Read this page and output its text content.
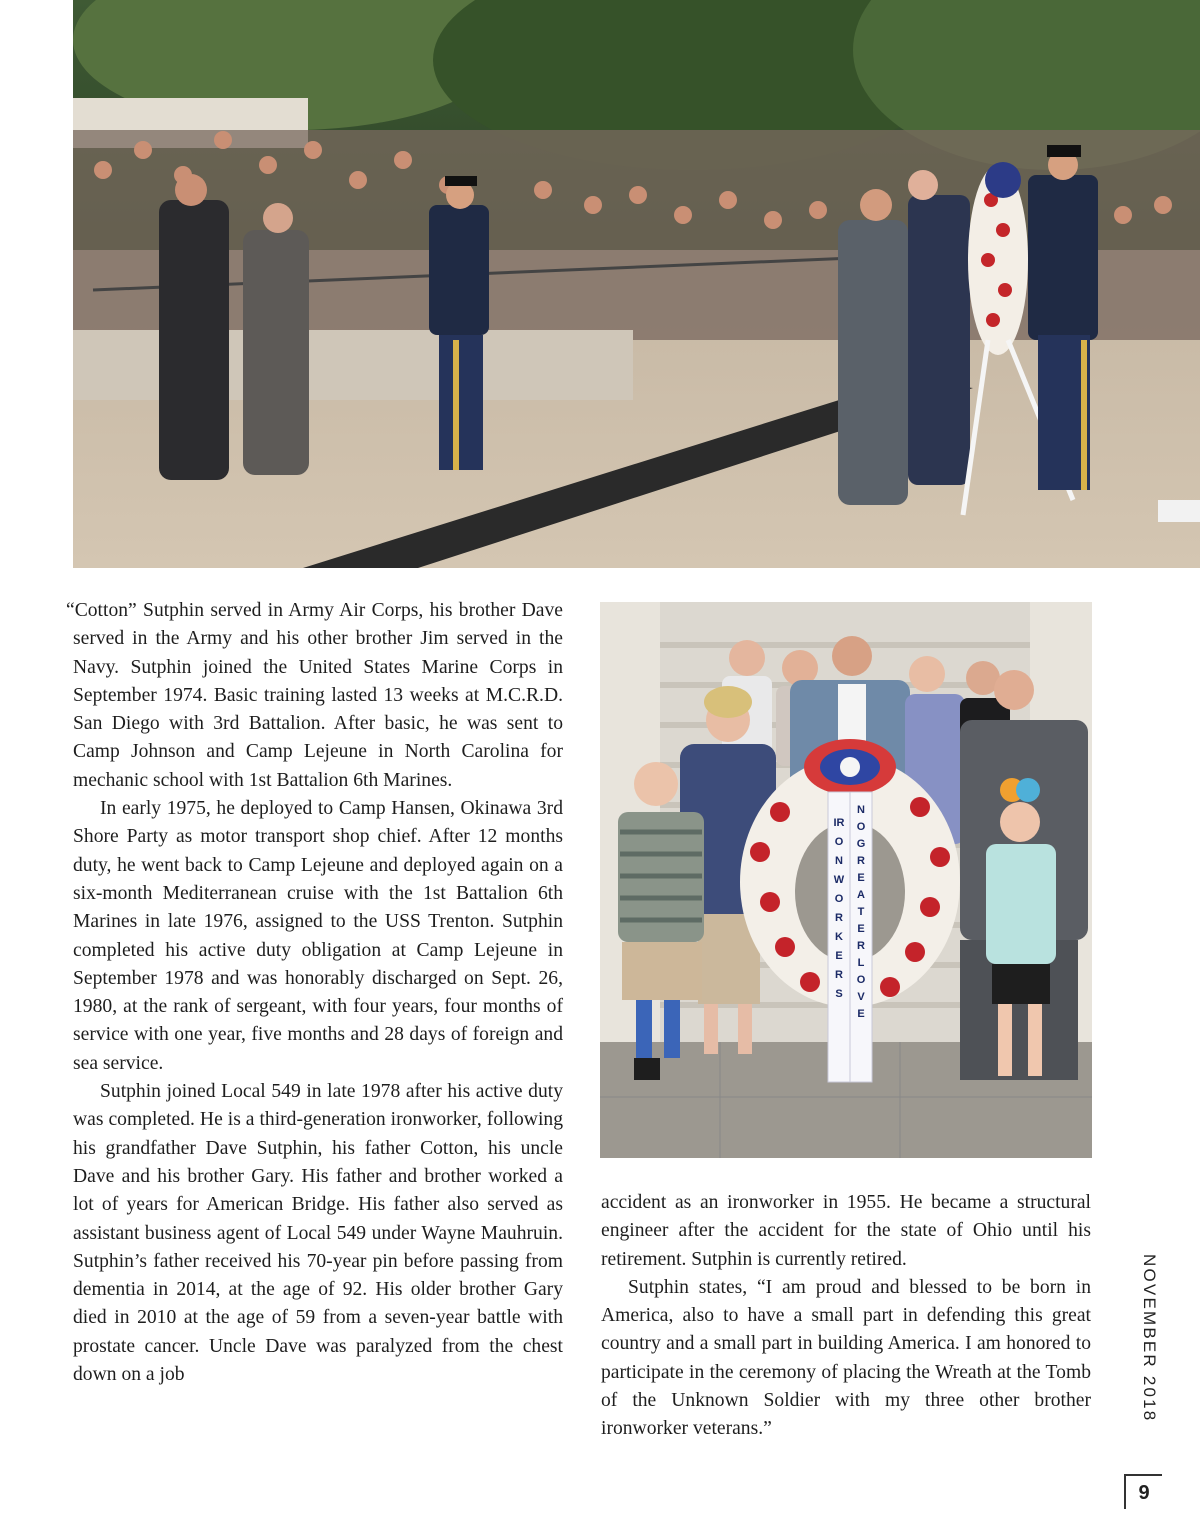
IRON WORKERS
NO GREATER LOVE

“Cotton” Sutphin served in Army Air Corps, his brother Dave served in the Army and his other brother Jim served in the Navy. Sutphin joined the United States Marine Corps in September 1974. Basic training lasted 13 weeks at M.C.R.D. San Diego with 3rd Battalion. After basic, he was sent to Camp Johnson and Camp Lejeune in North Carolina for mechanic school with 1st Battalion 6th Marines.

In early 1975, he deployed to Camp Hansen, Okinawa 3rd Shore Party as motor transport shop chief. After 12 months duty, he went back to Camp Lejeune and deployed again on a six-month Mediterranean cruise with the 1st Battalion 6th Marines in late 1976, assigned to the USS Trenton. Sutphin completed his active duty obligation at Camp Lejeune in September 1978 and was honorably discharged on Sept. 26, 1980, at the rank of sergeant, with four years, four months of service with one year, five months and 28 days of foreign and sea service.

Sutphin joined Local 549 in late 1978 after his active duty was completed. He is a third-generation ironworker, following his grandfather Dave Sutphin, his father Cotton, his uncle Dave and his brother Gary. His father and brother worked a lot of years for American Bridge. His father also served as assistant business agent of Local 549 under Wayne Mauhruin. Sutphin’s father received his 70-year pin before passing from dementia in 2014, at the age of 92. His older brother Gary died in 2010 at the age of 59 from a seven-year battle with prostate cancer. Uncle Dave was paralyzed from the chest down on a job

accident as an ironworker in 1955. He became a structural engineer after the accident for the state of Ohio until his retirement. Sutphin is currently retired.

Sutphin states, “I am proud and blessed to be born in America, also to have a small part in defending this great country and a small part in building America. I am honored to participate in the ceremony of placing the Wreath at the Tomb of the Unknown Soldier with my three other brother ironworker veterans.”

NOVEMBER 2018
9
